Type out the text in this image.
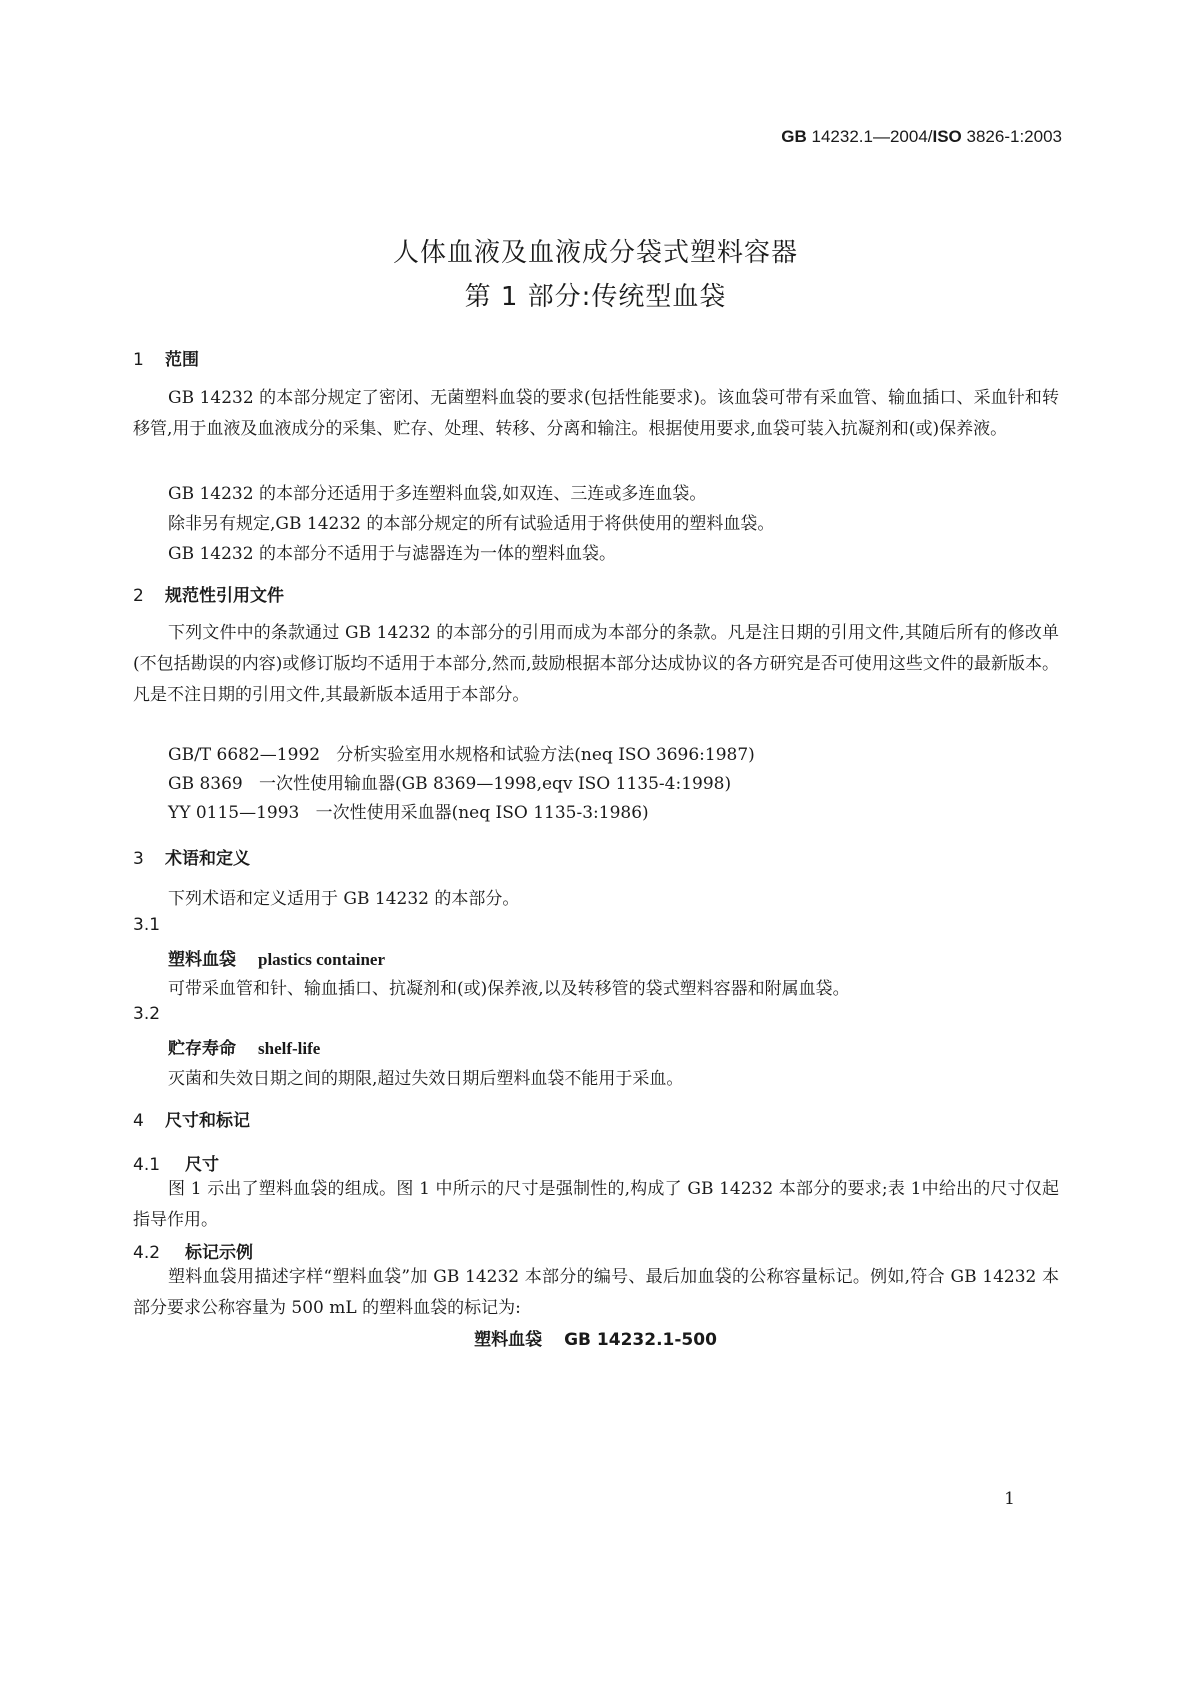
GB 14232.1—2004/ISO 3826-1:2003
人体血液及血液成分袋式塑料容器
第 1 部分:传统型血袋
1 范围

GB 14232 的本部分规定了密闭、无菌塑料血袋的要求(包括性能要求)。该血袋可带有采血管、输血插口、采血针和转移管,用于血液及血液成分的采集、贮存、处理、转移、分离和输注。根据使用要求,血袋可装入抗凝剂和(或)保养液。

GB 14232 的本部分还适用于多连塑料血袋,如双连、三连或多连血袋。
除非另有规定,GB 14232 的本部分规定的所有试验适用于将供使用的塑料血袋。
GB 14232 的本部分不适用于与滤器连为一体的塑料血袋。
2 规范性引用文件

下列文件中的条款通过 GB 14232 的本部分的引用而成为本部分的条款。凡是注日期的引用文件,其随后所有的修改单(不包括勘误的内容)或修订版均不适用于本部分,然而,鼓励根据本部分达成协议的各方研究是否可使用这些文件的最新版本。凡是不注日期的引用文件,其最新版本适用于本部分。

GB/T 6682—1992   分析实验室用水规格和试验方法(neq ISO 3696:1987)
GB 8369   一次性使用输血器(GB 8369—1998,eqv ISO 1135-4:1998)
YY 0115—1993   一次性使用采血器(neq ISO 1135-3:1986)
3 术语和定义
下列术语和定义适用于 GB 14232 的本部分。
3.1
塑料血袋 plastics container
可带采血管和针、输血插口、抗凝剂和(或)保养液,以及转移管的袋式塑料容器和附属血袋。
3.2
贮存寿命 shelf-life
灭菌和失效日期之间的期限,超过失效日期后塑料血袋不能用于采血。
4 尺寸和标记
4.1 尺寸

图 1 示出了塑料血袋的组成。图 1 中所示的尺寸是强制性的,构成了 GB 14232 本部分的要求;表 1中给出的尺寸仅起指导作用。

4.2 标记示例

塑料血袋用描述字样“塑料血袋”加 GB 14232 本部分的编号、最后加血袋的公称容量标记。例如,符合 GB 14232 本部分要求公称容量为 500 mL 的塑料血袋的标记为:

塑料血袋 GB 14232.1-500
1
